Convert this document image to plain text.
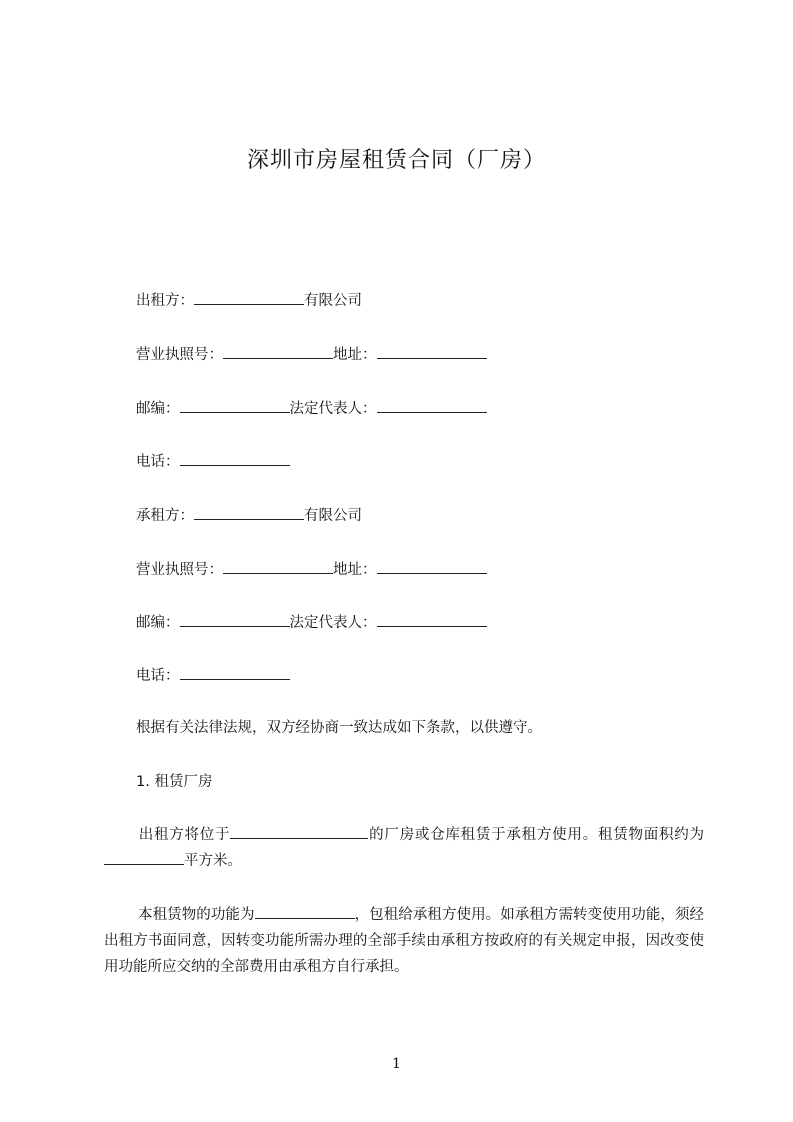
深圳市房屋租赁合同（厂房）

出租方：	有限公司

营业执照号：	地址：

邮编：	法定代表人：

电话：

承租方：	有限公司

营业执照号：	地址：

邮编：	法定代表人：

电话：

根据有关法律法规，双方经协商一致达成如下条款，以供遵守。

1. 租赁厂房

出租方将位于	的厂房或仓库租赁于承租方使用。租赁物面积约为平方米。

本租赁物的功能为	，包租给承租方使用。如承租方需转变使用功能，须经出租方书面同意，因转变功能所需办理的全部手续由承租方按政府的有关规定申报，因改变使用功能所应交纳的全部费用由承租方自行承担。

1
